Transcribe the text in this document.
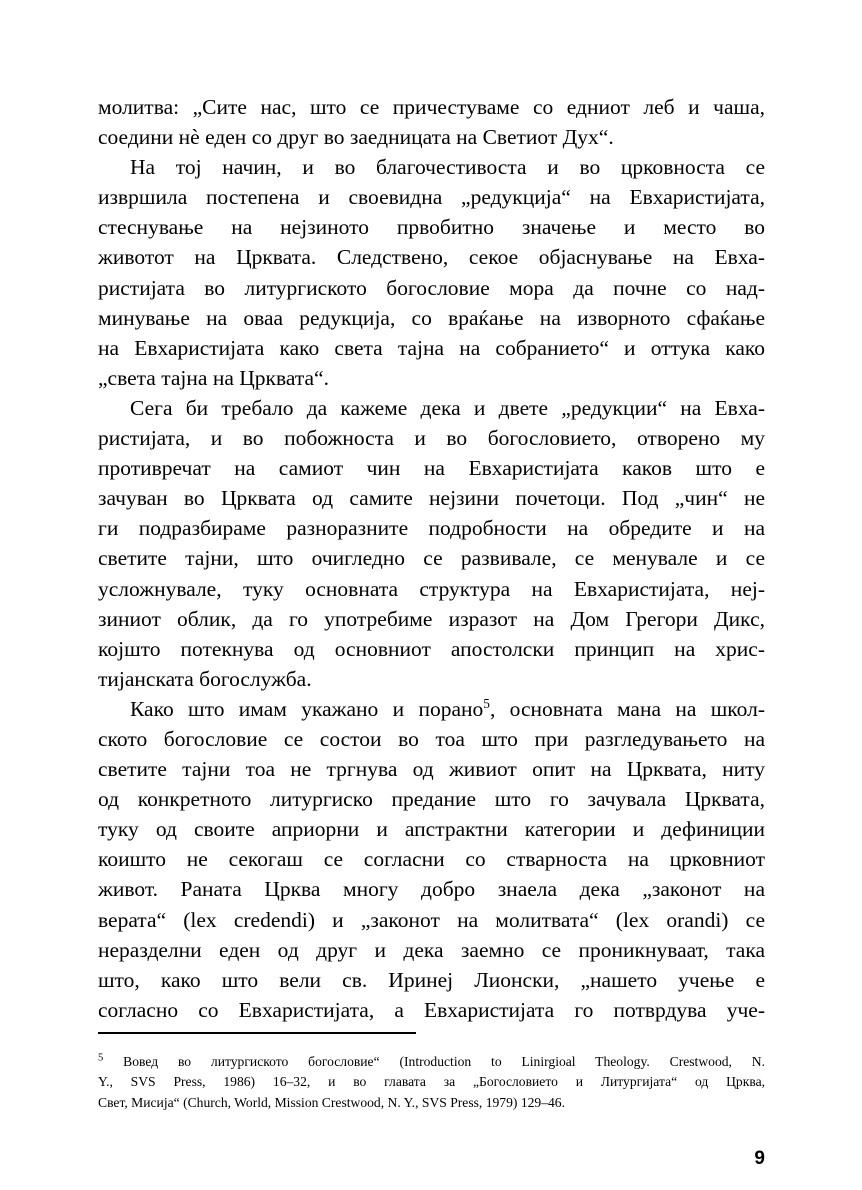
молитва: „Сите нас, што се причестуваме со едниот леб и чаша,
соедини нѐ еден со друг во заедницата на Светиот Дух“.

На тој начин, и во благочестивоста и во црковноста се
извршила постепена и своевидна „редукција“ на Евхаристијата,
стеснување на нејзиното првобитно значење и место во
животот на Црквата. Следствено, секое објаснување на Евха-
ристијата во литургиското богословие мора да почне со над-
минување на оваа редукција, со враќање на изворното сфаќање
на Евхаристијата како света тајна на собранието“ и оттука како
„света тајна на Црквата“.

Сега би требало да кажеме дека и двете „редукции“ на Евха-
ристијата, и во побожноста и во богословието, отворено му
противречат на самиот чин на Евхаристијата каков што е
зачуван во Црквата од самите нејзини почетоци. Под „чин“ не
ги подразбираме разноразните подробности на обредите и на
светите тајни, што очигледно се развивале, се менувале и се
усложнувале, туку основната структура на Евхаристијата, неј-
зиниот облик, да го употребиме изразот на Дом Грегори Дикс,
којшто потекнува од основниот апостолски принцип на хрис-
тијанската богослужба.

Како што имам укажано и порано$^5$, основната мана на школ-
ското богословие се состои во тоа што при разгледувањето на
светите тајни тоа не тргнува од живиот опит на Црквата, ниту
од конкретното литургиско предание што го зачувала Црквата,
туку од своите априорни и апстрактни категории и дефиниции
коишто не секогаш се согласни со стварноста на црковниот
живот. Раната Црква многу добро знаела дека „законот на
верата“ (lex credendi) и „законот на молитвата“ (lex orandi) се
неразделни еден од друг и дека заемно се проникнуваат, така
што, како што вели св. Иринеј Лионски, „нашето учење е
согласно со Евхаристијата, а Евхаристијата го потврдува уче-

$^5$ Вовед во литургиското богословие“ (Introduction to Linirgioal Theology. Crestwood, N.
Y., SVS Press, 1986) 16–32, и во главата за „Богословието и Литургијата“ од Црква,
Свет, Мисија“ (Church, World, Mission Crestwood, N. Y., SVS Press, 1979) 129–46.

9
